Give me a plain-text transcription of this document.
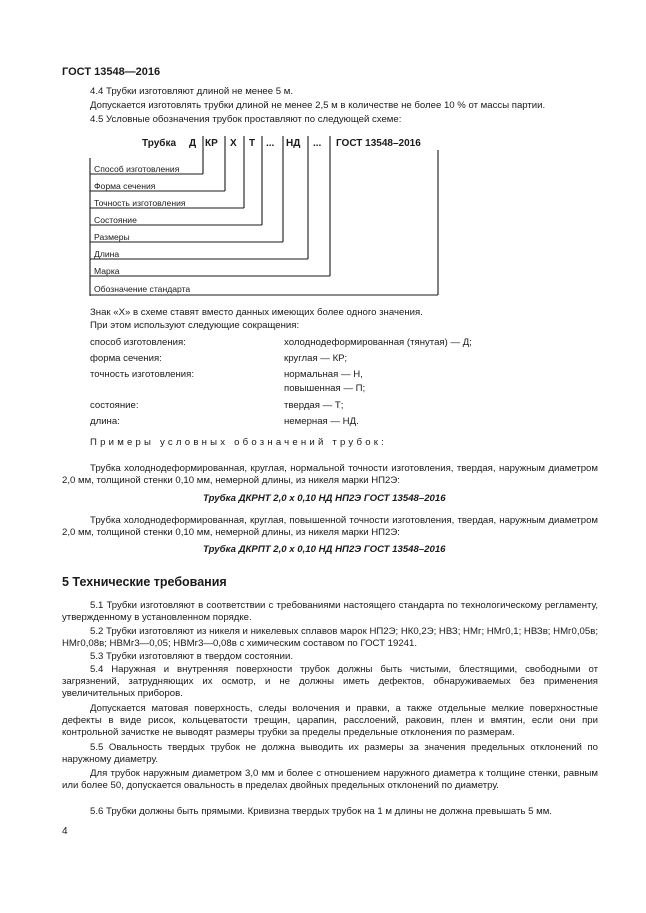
ГОСТ 13548—2016
4.4 Трубки изготовляют длиной не менее 5 м.
Допускается изготовлять трубки длиной не менее 2,5 м в количестве не более 10 % от массы партии.
4.5 Условные обозначения трубок проставляют по следующей схеме:
Трубка Д КР Х Т ... НД ... ГОСТ 13548–2016
Способ изготовления
Форма сечения
Точность изготовления
Состояние
Размеры
Длина
Марка
Обозначение стандарта
Знак «Х» в схеме ставят вместо данных имеющих более одного значения.
При этом используют следующие сокращения:
способ изготовления:	холоднодеформированная (тянутая) — Д;
форма сечения:	круглая — КР;
точность изготовления:	нормальная — Н,
повышенная — П;
состояние:	твердая — Т;
длина:	немерная — НД.
Примеры условных обозначений трубок:
Трубка холоднодеформированная, круглая, нормальной точности изготовления, твердая, наружным диаметром 2,0 мм, толщиной стенки 0,10 мм, немерной длины, из никеля марки НП2Э:
Трубка ДКРНТ 2,0 х 0,10 НД НП2Э ГОСТ 13548–2016
Трубка холоднодеформированная, круглая, повышенной точности изготовления, твердая, наружным диаметром 2,0 мм, толщиной стенки 0,10 мм, немерной длины, из никеля марки НП2Э:
Трубка ДКРПТ 2,0 х 0,10 НД НП2Э ГОСТ 13548–2016
5 Технические требования
5.1 Трубки изготовляют в соответствии с требованиями настоящего стандарта по технологическому регламенту, утвержденному в установленном порядке.
5.2 Трубки изготовляют из никеля и никелевых сплавов марок НП2Э; НК0,2Э; НВЗ; НМг; НМг0,1; НВЗв; НМг0,05в; НМг0,08в; НВМг3—0,05; НВМг3—0,08в с химическим составом по ГОСТ 19241.
5.3 Трубки изготовляют в твердом состоянии.
5.4 Наружная и внутренняя поверхности трубок должны быть чистыми, блестящими, свободными от загрязнений, затрудняющих их осмотр, и не должны иметь дефектов, обнаруживаемых без применения увеличительных приборов.
Допускается матовая поверхность, следы волочения и правки, а также отдельные мелкие поверхностные дефекты в виде рисок, кольцеватости трещин, царапин, расслоений, раковин, плен и вмятин, если они при контрольной зачистке не выводят размеры трубки за пределы предельные отклонения по размерам.
5.5 Овальность твердых трубок не должна выводить их размеры за значения предельных отклонений по наружному диаметру.
Для трубок наружным диаметром 3,0 мм и более с отношением наружного диаметра к толщине стенки, равным или более 50, допускается овальность в пределах двойных предельных отклонений по диаметру.
5.6 Трубки должны быть прямыми. Кривизна твердых трубок на 1 м длины не должна превышать 5 мм.
4
